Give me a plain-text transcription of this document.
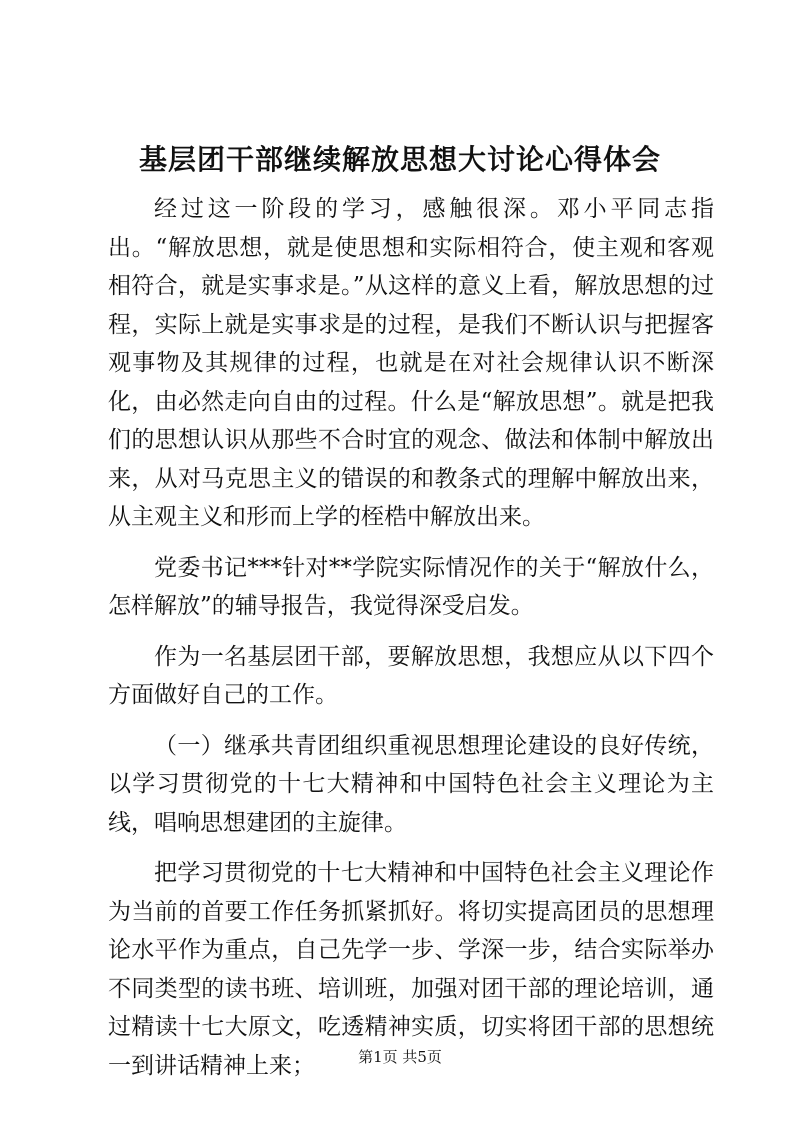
基层团干部继续解放思想大讨论心得体会

经过这一阶段的学习，感触很深。邓小平同志指出。“解放思想，就是使思想和实际相符合，使主观和客观相符合，就是实事求是。”从这样的意义上看，解放思想的过程，实际上就是实事求是的过程，是我们不断认识与把握客观事物及其规律的过程，也就是在对社会规律认识不断深化，由必然走向自由的过程。什么是“解放思想”。就是把我们的思想认识从那些不合时宜的观念、做法和体制中解放出来，从对马克思主义的错误的和教条式的理解中解放出来，从主观主义和形而上学的桎梏中解放出来。

党委书记***针对**学院实际情况作的关于“解放什么，怎样解放”的辅导报告，我觉得深受启发。

作为一名基层团干部，要解放思想，我想应从以下四个方面做好自己的工作。

（一）继承共青团组织重视思想理论建设的良好传统，以学习贯彻党的十七大精神和中国特色社会主义理论为主线，唱响思想建团的主旋律。

把学习贯彻党的十七大精神和中国特色社会主义理论作为当前的首要工作任务抓紧抓好。将切实提高团员的思想理论水平作为重点，自己先学一步、学深一步，结合实际举办不同类型的读书班、培训班，加强对团干部的理论培训，通过精读十七大原文，吃透精神实质，切实将团干部的思想统一到讲话精神上来；	第1页 共5页
